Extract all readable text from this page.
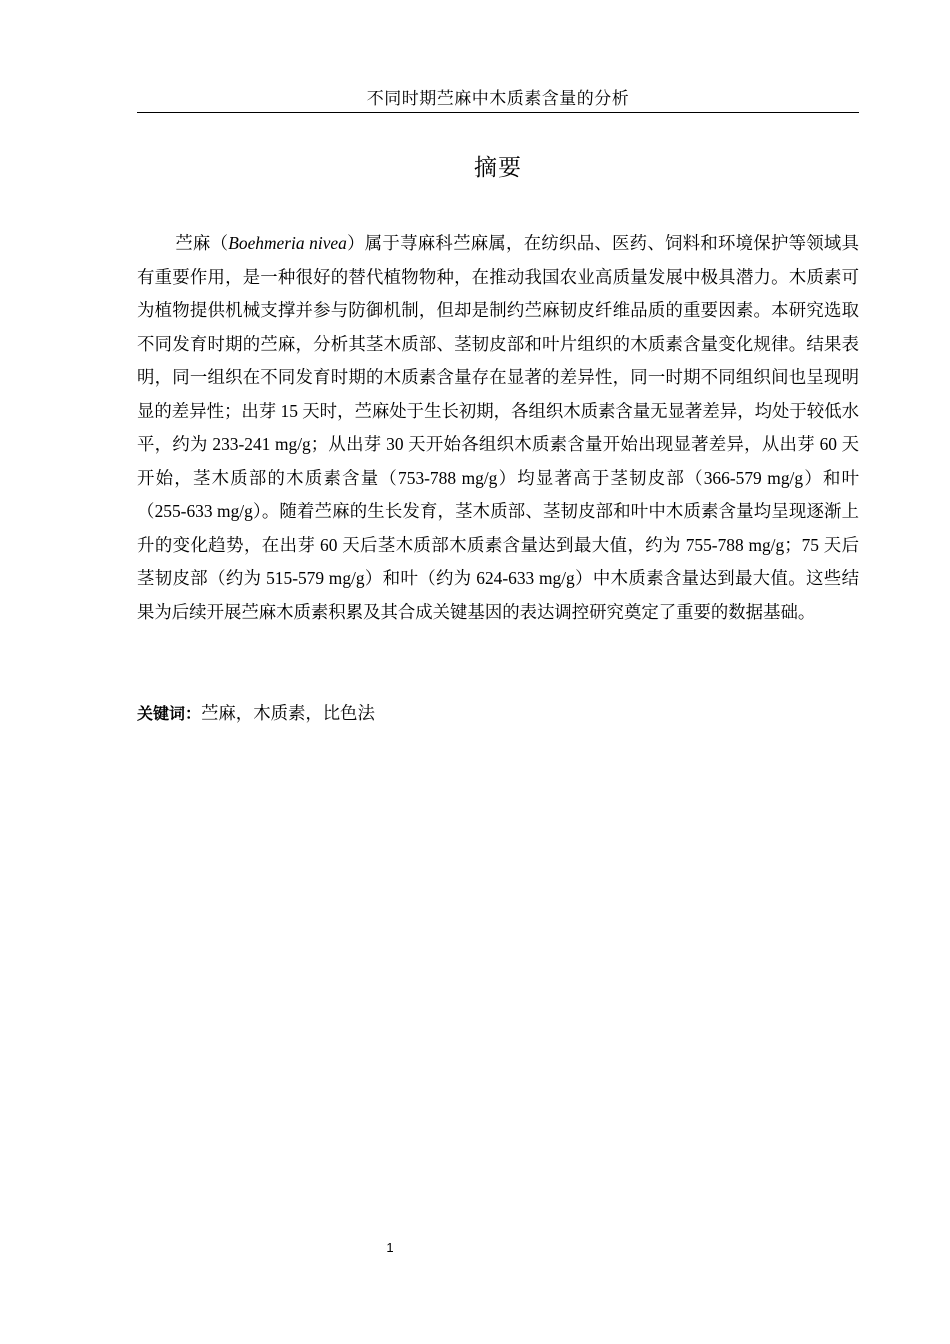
不同时期苎麻中木质素含量的分析
摘要

苎麻（Boehmeria nivea）属于荨麻科苎麻属，在纺织品、医药、饲料和环境保护等领域具有重要作用，是一种很好的替代植物物种，在推动我国农业高质量发展中极具潜力。木质素可为植物提供机械支撑并参与防御机制，但却是制约苎麻韧皮纤维品质的重要因素。本研究选取不同发育时期的苎麻，分析其茎木质部、茎韧皮部和叶片组织的木质素含量变化规律。结果表明，同一组织在不同发育时期的木质素含量存在显著的差异性，同一时期不同组织间也呈现明显的差异性；出芽 15 天时，苎麻处于生长初期，各组织木质素含量无显著差异，均处于较低水平，约为 233-241 mg/g；从出芽 30 天开始各组织木质素含量开始出现显著差异，从出芽 60 天开始，茎木质部的木质素含量（753-788 mg/g）均显著高于茎韧皮部（366-579 mg/g）和叶（255-633 mg/g）。随着苎麻的生长发育，茎木质部、茎韧皮部和叶中木质素含量均呈现逐渐上升的变化趋势，在出芽 60 天后茎木质部木质素含量达到最大值，约为 755-788 mg/g；75 天后茎韧皮部（约为 515-579 mg/g）和叶（约为 624-633 mg/g）中木质素含量达到最大值。这些结果为后续开展苎麻木质素积累及其合成关键基因的表达调控研究奠定了重要的数据基础。

关键词：苎麻，木质素，比色法

1
